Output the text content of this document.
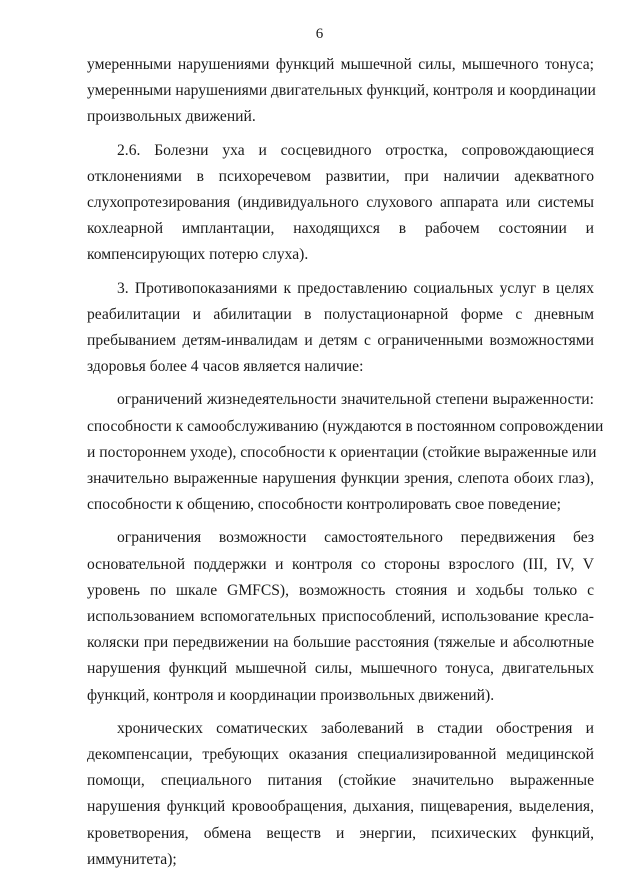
6
умеренными нарушениями функций мышечной силы, мышечного тонуса;
умеренными нарушениями двигательных функций, контроля и координации
произвольных движений.
2.6. Болезни уха и сосцевидного отростка, сопровождающиеся
отклонениями в психоречевом развитии, при наличии адекватного
слухопротезирования (индивидуального слухового аппарата или системы
кохлеарной имплантации, находящихся в рабочем состоянии и
компенсирующих потерю слуха).
3. Противопоказаниями к предоставлению социальных услуг в целях
реабилитации и абилитации в полустационарной форме с дневным
пребыванием детям-инвалидам и детям с ограниченными возможностями
здоровья более 4 часов является наличие:
ограничений жизнедеятельности значительной степени выраженности:
способности к самообслуживанию (нуждаются в постоянном сопровождении
и постороннем уходе), способности к ориентации (стойкие выраженные или
значительно выраженные нарушения функции зрения, слепота обоих глаз),
способности к общению, способности контролировать свое поведение;
ограничения возможности самостоятельного передвижения без
основательной поддержки и контроля со стороны взрослого (III, IV, V
уровень по шкале GMFCS), возможность стояния и ходьбы только с
использованием вспомогательных приспособлений, использование кресла-
коляски при передвижении на большие расстояния (тяжелые и абсолютные
нарушения функций мышечной силы, мышечного тонуса, двигательных
функций, контроля и координации произвольных движений).
хронических соматических заболеваний в стадии обострения и
декомпенсации, требующих оказания специализированной медицинской
помощи, специального питания (стойкие значительно выраженные
нарушения функций кровообращения, дыхания, пищеварения, выделения,
кроветворения, обмена веществ и энергии, психических функций,
иммунитета);
